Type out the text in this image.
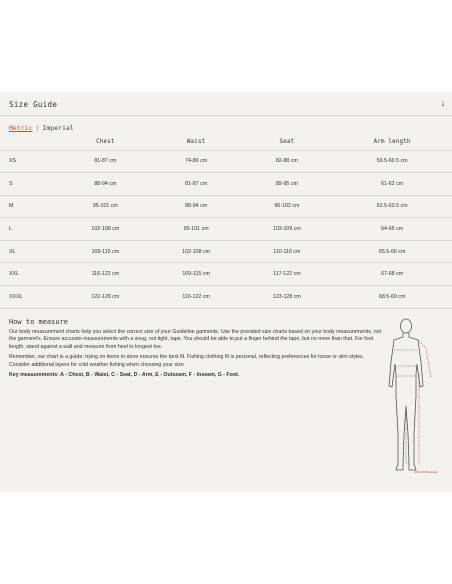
Size Guide	↓
Metric | Imperial
	Chest	Waist	Seat	Arm length
XS	81-87 cm	74-80 cm	82-88 cm	59.5-60.5 cm
S	88-94 cm	81-87 cm	89-95 cm	61-62 cm
M	95-101 cm	88-94 cm	96-102 cm	62.5-63.5 cm
L	102-108 cm	95-101 cm	103-109 cm	64-65 cm
XL	109-115 cm	102-108 cm	110-116 cm	65.5-66 cm
XXL	116-122 cm	109-115 cm	117-122 cm	67-68 cm
XXXL	122-128 cm	116-122 cm	123-128 cm	68.5-69 cm
How to measure

Our body measurement charts help you select the correct size of your Guideline garments. Use the provided size charts based on your body measurements, not the garment's. Ensure accurate measurements with a snug, not tight, tape. You should be able to put a finger behind the tape, but no more than that. For foot length, stand against a wall and measure from heel to longest toe.

Remember, our chart is a guide; trying on items in-store ensures the best fit. Fishing clothing fit is personal, reflecting preferences for loose or slim styles. Consider additional layers for cold weather fishing when choosing your size

Key measurements: A - Chest, B - Waist, C - Seat, D - Arm, E - Outseam, F - Inseam, G - Foot.

Toe/heel
